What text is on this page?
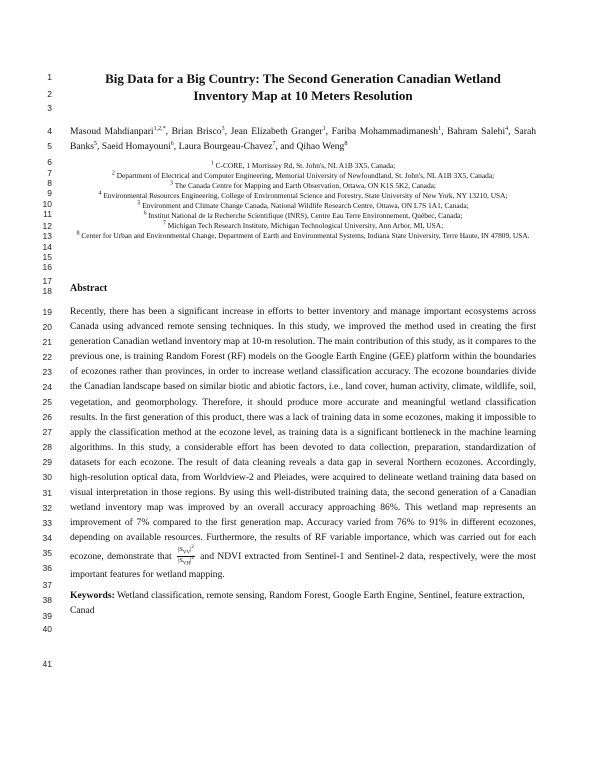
1
2
3
4
5
6
7
8
9
10
11
12
13
14
15
16
17
18
19
20
21
22
23
24
25
26
27
28
29
30
31
32
33
34
35
36
37
38
39
40
41
Big Data for a Big Country: The Second Generation Canadian Wetland
Inventory Map at 10 Meters Resolution
Masoud Mahdianpari$^{1,2,*}$, Brian Brisco$^3$, Jean Elizabeth Granger$^1$, Fariba Mohammadimanesh$^1$, Bahram Salehi$^4$, Sarah Banks$^5$, Saeid Homayouni$^6$, Laura Bourgeau-Chavez$^7$, and Qihao Weng$^8$
$^1$ C-CORE, 1 Morrissey Rd, St. John's, NL A1B 3X5, Canada;
$^2$ Department of Electrical and Computer Engineering, Memorial University of Newfoundland, St. John's, NL A1B 3X5, Canada;
$^3$ The Canada Centre for Mapping and Earth Observation, Ottawa, ON K1S 5K2, Canada;
$^4$ Environmental Resources Engineering, College of Environmental Science and Forestry, State University of New York, NY 13210, USA;
$^5$ Environment and Climate Change Canada, National Wildlife Research Centre, Ottawa, ON L7S 1A1, Canada;
$^6$ Institut National de la Recherche Scientifique (INRS), Centre Eau Terre Environnement, Québec, Canada;
$^7$ Michigan Tech Research Institute, Michigan Technological University, Ann Arbor, MI, USA;
$^8$ Center for Urban and Environmental Change, Department of Earth and Environmental Systems, Indiana State University, Terre Haute, IN 47809, USA.
Abstract
Recently, there has been a significant increase in efforts to better inventory and manage important ecosystems across Canada using advanced remote sensing techniques. In this study, we improved the method used in creating the first generation Canadian wetland inventory map at 10-m resolution. The main contribution of this study, as it compares to the previous one, is training Random Forest (RF) models on the Google Earth Engine (GEE) platform within the boundaries of ecozones rather than provinces, in order to increase wetland classification accuracy. The ecozone boundaries divide the Canadian landscape based on similar biotic and abiotic factors, i.e., land cover, human activity, climate, wildlife, soil, vegetation, and geomorphology. Therefore, it should produce more accurate and meaningful wetland classification results. In the first generation of this product, there was a lack of training data in some ecozones, making it impossible to apply the classification method at the ecozone level, as training data is a significant bottleneck in the machine learning algorithms. In this study, a considerable effort has been devoted to data collection, preparation, standardization of datasets for each ecozone. The result of data cleaning reveals a data gap in several Northern ecozones. Accordingly, high-resolution optical data, from Worldview-2 and Pleiades, were acquired to delineate wetland training data based on visual interpretation in those regions. By using this well-distributed training data, the second generation of a Canadian wetland inventory map was improved by an overall accuracy approaching 86%. This wetland map represents an improvement of 7% compared to the first generation map. Accuracy varied from 76% to 91% in different ecozones, depending on available resources. Furthermore, the results of RF variable importance, which was carried out for each ecozone, demonstrate that $\frac{|S_{VV}|^2}{|S_{VH}|^2}$ and NDVI extracted from Sentinel-1 and Sentinel-2 data, respectively, were the most important features for wetland mapping.
Keywords: Wetland classification, remote sensing, Random Forest, Google Earth Engine, Sentinel, feature extraction, Canad
